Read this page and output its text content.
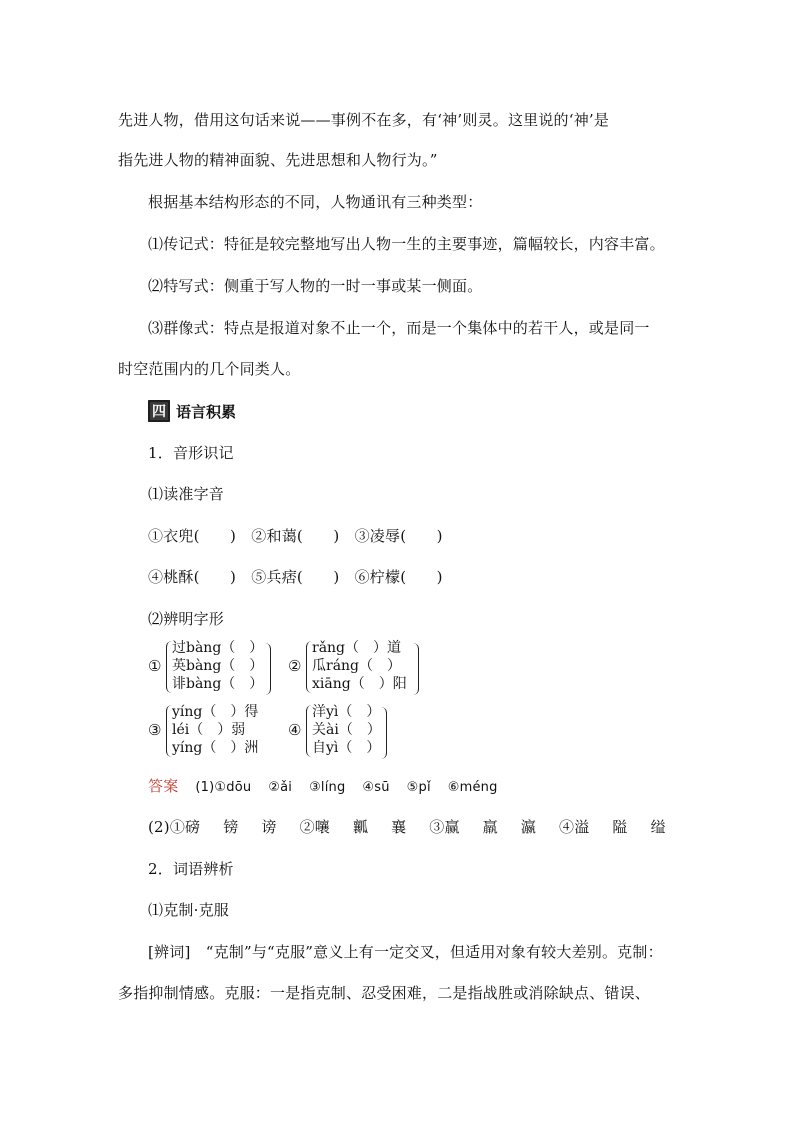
先进人物，借用这句话来说——事例不在多，有‘神’则灵。这里说的‘神’是
指先进人物的精神面貌、先进思想和人物行为。”
根据基本结构形态的不同，人物通讯有三种类型：
⑴传记式：特征是较完整地写出人物一生的主要事迹，篇幅较长，内容丰富。
⑵特写式：侧重于写人物的一时一事或某一侧面。
⑶群像式：特点是报道对象不止一个，而是一个集体中的若干人，或是同一
时空范围内的几个同类人。
四 语言积累
1．音形识记
⑴读准字音
①衣兜(　　)　②和蔼(　　)　③凌辱(　　)
④桃酥(　　)　⑤兵痞(　　)　⑥柠檬(　　)
⑵辨明字形
①
过bàng（　）
英bàng（　）
诽bàng（　）
②
rǎng（　）道
瓜ráng（　）
xiāng（　）阳
③
yíng（　）得
léi（　）弱
yíng（　）洲
④
洋yì（　）
关ài（　）
自yì（　）
答案 (1)①dōu ②ǎi ③líng ④sū ⑤pǐ ⑥méng
(2)①磅 镑 谤 ②嚷 瓤 襄 ③赢 羸 瀛 ④溢 隘 缢
2．词语辨析
⑴克制·克服
[辨词]　“克制”与“克服”意义上有一定交叉，但适用对象有较大差别。克制：
多指抑制情感。克服：一是指克制、忍受困难，二是指战胜或消除缺点、错误、
